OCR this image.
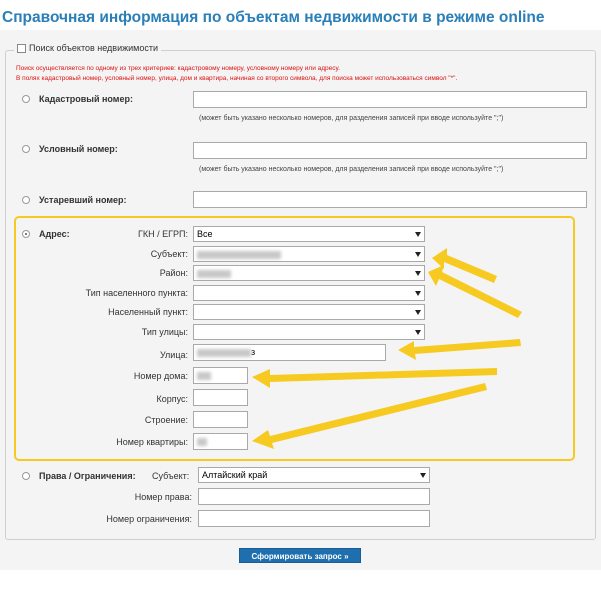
Справочная информация по объектам недвижимости в режиме online
Поиск объектов недвижимости
Поиск осуществляется по одному из трех критериев: кадастровому номеру, условному номеру или адресу.
В полях кадастровый номер, условный номер, улица, дом и квартира, начиная со второго символа, для поиска может использоваться символ "*".
Кадастровый номер:
(может быть указано несколько номеров, для разделения записей при вводе используйте ";")
Условный номер:
(может быть указано несколько номеров, для разделения записей при вводе используйте ";")
Устаревший номер:
Адрес:	ГКН / ЕГРП:	Все
Субъект:
Район:
Тип населенного пункта:
Населенный пункт:
Тип улицы:
Улица:	з
Номер дома:
Корпус:
Строение:
Номер квартиры:
Права / Ограничения: Субъект:	Алтайский край
Номер права:
Номер ограничения:
Сформировать запрос »
